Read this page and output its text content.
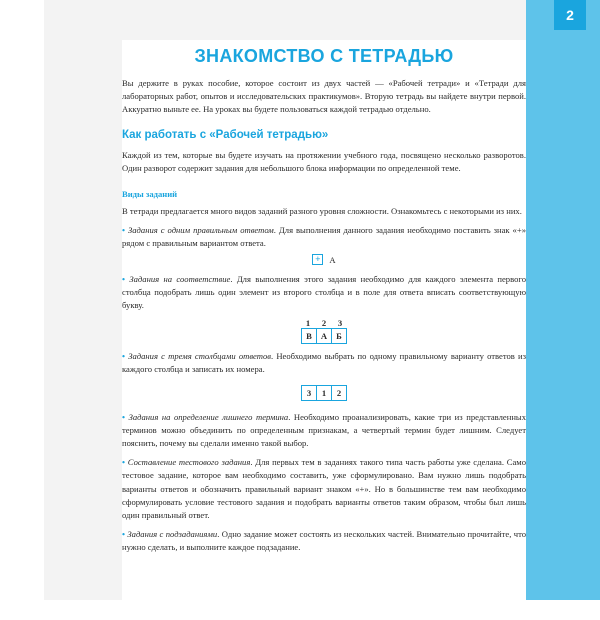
2
ЗНАКОМСТВО С ТЕТРАДЬЮ

Вы держите в руках пособие, которое состоит из двух частей — «Рабочей тетради» и «Тетради для лабораторных работ, опытов и исследовательских практикумов». Вторую тетрадь вы найдете внутри первой. Аккуратно выньте ее. На уроках вы будете пользоваться каждой тетрадью отдельно.

Как работать с «Рабочей тетрадью»

Каждой из тем, которые вы будете изучать на протяжении учебного года, посвящено несколько разворотов. Один разворот содержит задания для небольшого блока информации по определенной теме.

Виды заданий

В тетради предлагается много видов заданий разного уровня сложности. Ознакомьтесь с некоторыми из них.

• Задания с одним правильным ответом. Для выполнения данного задания необходимо поставить знак «+» рядом с правильным вариантом ответа.

+	А

• Задания на соответствие. Для выполнения этого задания необходимо для каждого элемента первого столбца подобрать лишь один элемент из второго столбца и в поле для ответа вписать соответствующую букву.

1	2	3
В	А	Б

• Задания с тремя столбцами ответов. Необходимо выбрать по одному правильному варианту ответов из каждого столбца и записать их номера.

3	1	2

• Задания на определение лишнего термина. Необходимо проанализировать, какие три из представленных терминов можно объединить по определенным признакам, а четвертый термин будет лишним. Следует пояснить, почему вы сделали именно такой выбор.

• Составление тестового задания. Для первых тем в заданиях такого типа часть работы уже сделана. Само тестовое задание, которое вам необходимо составить, уже сформулировано. Вам нужно лишь подобрать варианты ответов и обозначить правильный вариант знаком «+». Но в большинстве тем вам необходимо сформулировать условие тестового задания и подобрать варианты ответов таким образом, чтобы был лишь один правильный ответ.

• Задания с подзаданиями. Одно задание может состоять из нескольких частей. Внимательно прочитайте, что нужно сделать, и выполните каждое подзадание.
